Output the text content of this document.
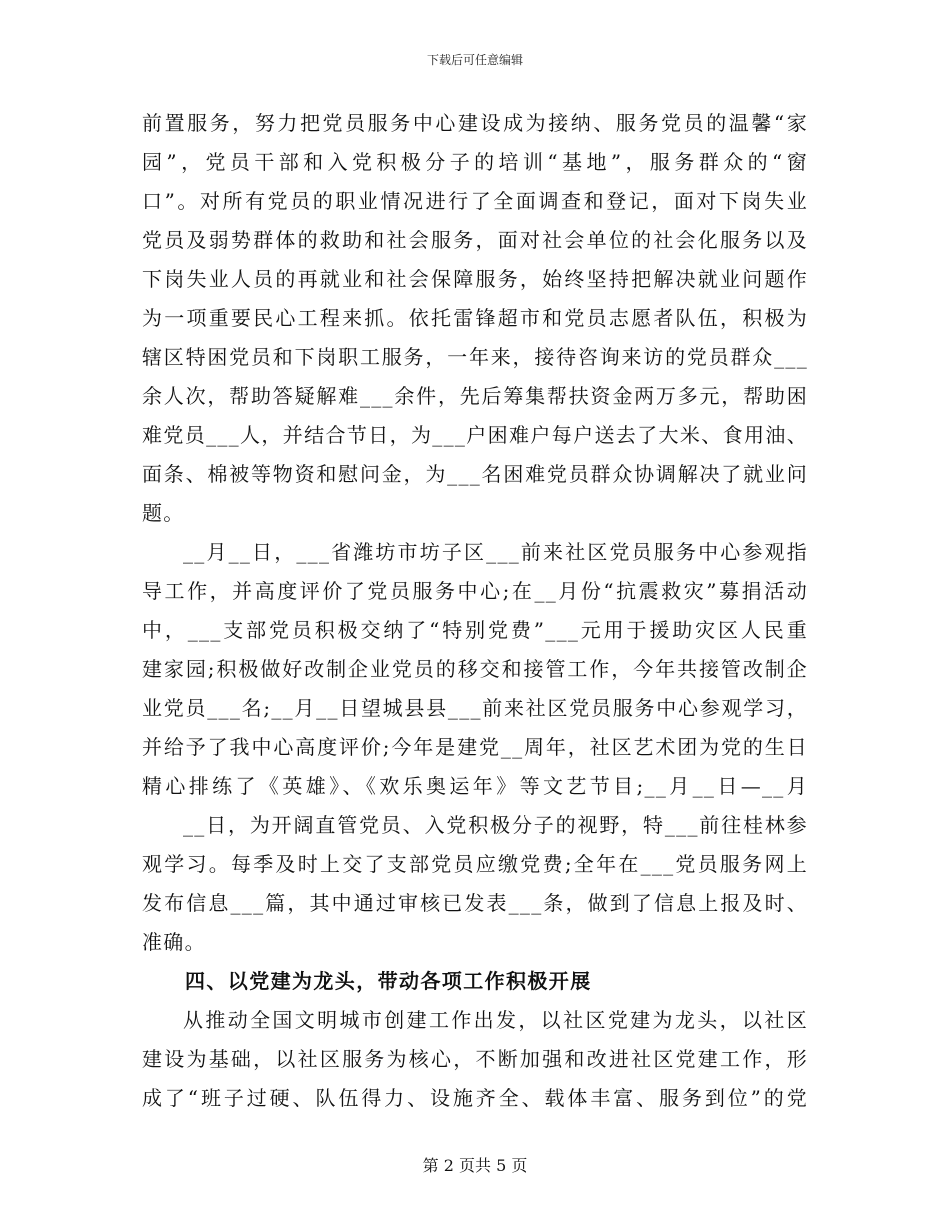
下载后可任意编辑
前置服务，努力把党员服务中心建设成为接纳、服务党员的温馨“家
园”，党员干部和入党积极分子的培训“基地”，服务群众的“窗
口”。对所有党员的职业情况进行了全面调查和登记，面对下岗失业
党员及弱势群体的救助和社会服务，面对社会单位的社会化服务以及
下岗失业人员的再就业和社会保障服务，始终坚持把解决就业问题作
为一项重要民心工程来抓。依托雷锋超市和党员志愿者队伍，积极为
辖区特困党员和下岗职工服务，一年来，接待咨询来访的党员群众___
余人次，帮助答疑解难___余件，先后筹集帮扶资金两万多元，帮助困
难党员___人，并结合节日，为___户困难户每户送去了大米、食用油、
面条、棉被等物资和慰问金，为___名困难党员群众协调解决了就业问
题。
__月__日，___省潍坊市坊子区___前来社区党员服务中心参观指
导工作，并高度评价了党员服务中心;在__月份“抗震救灾”募捐活动
中，___支部党员积极交纳了“特别党费”___元用于援助灾区人民重
建家园;积极做好改制企业党员的移交和接管工作，今年共接管改制企
业党员___名;__月__日望城县县___前来社区党员服务中心参观学习，
并给予了我中心高度评价;今年是建党__周年，社区艺术团为党的生日
精心排练了《英雄》、《欢乐奥运年》等文艺节目;__月__日—__月
__日，为开阔直管党员、入党积极分子的视野，特___前往桂林参
观学习。每季及时上交了支部党员应缴党费;全年在___党员服务网上
发布信息___篇，其中通过审核已发表___条，做到了信息上报及时、
准确。
四、以党建为龙头，带动各项工作积极开展
从推动全国文明城市创建工作出发，以社区党建为龙头，以社区
建设为基础，以社区服务为核心，不断加强和改进社区党建工作，形
成了“班子过硬、队伍得力、设施齐全、载体丰富、服务到位”的党
第 2 页共 5 页
